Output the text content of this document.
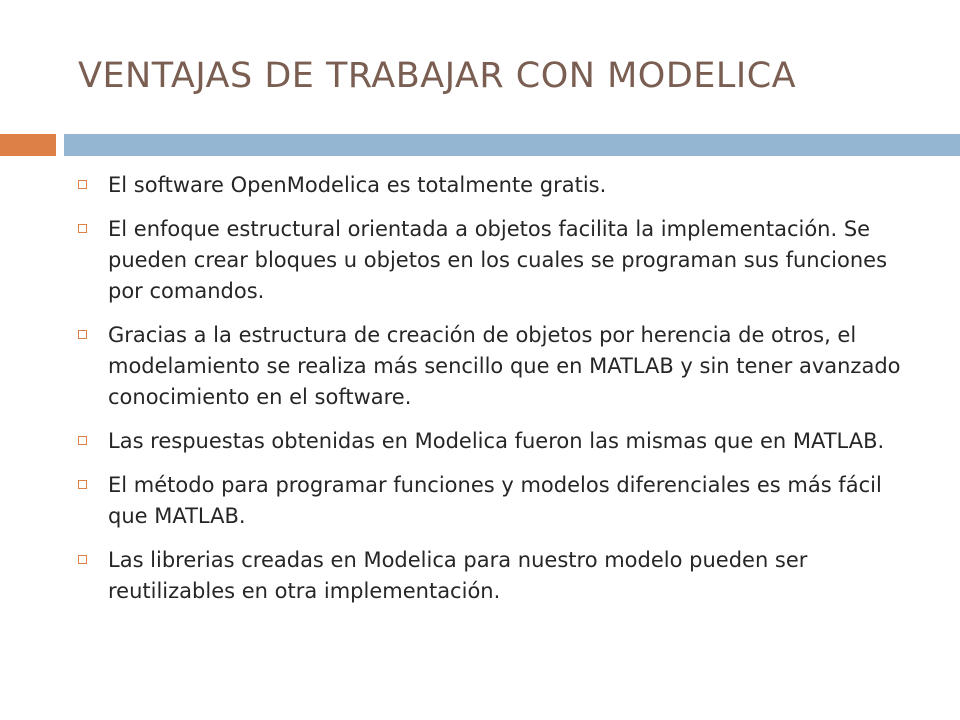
VENTAJAS DE TRABAJAR CON MODELICA
El software OpenModelica es totalmente gratis.
El enfoque estructural orientada a objetos facilita la implementación. Se pueden crear bloques u objetos en los cuales se programan sus funciones por comandos.
Gracias a la estructura de creación de objetos por herencia de otros, el modelamiento se realiza más sencillo que en MATLAB y sin tener avanzado conocimiento en el software.
Las respuestas obtenidas en Modelica fueron las mismas que en MATLAB.
El método para programar funciones y modelos diferenciales es más fácil que MATLAB.
Las librerias creadas en Modelica para nuestro modelo pueden ser reutilizables en otra implementación.
